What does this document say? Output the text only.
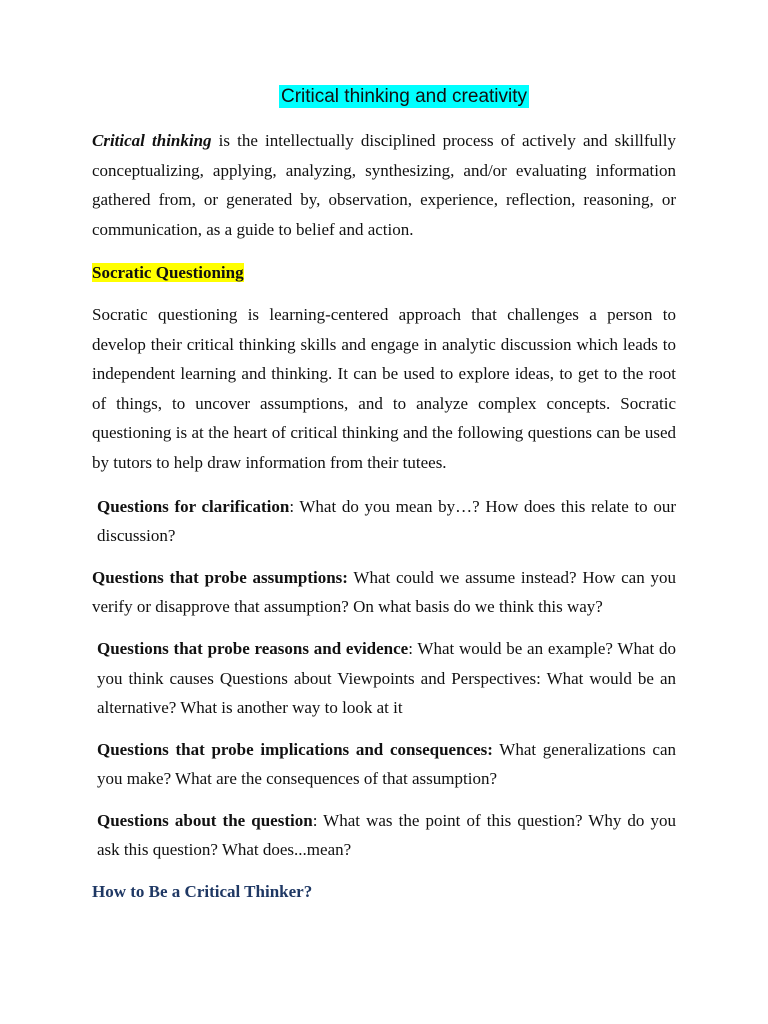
Critical thinking and creativity

Critical thinking is the intellectually disciplined process of actively and skillfully conceptualizing, applying, analyzing, synthesizing, and/or evaluating information gathered from, or generated by, observation, experience, reflection, reasoning, or communication, as a guide to belief and action.

Socratic Questioning

Socratic questioning is learning-centered approach that challenges a person to develop their critical thinking skills and engage in analytic discussion which leads to independent learning and thinking. It can be used to explore ideas, to get to the root of things, to uncover assumptions, and to analyze complex concepts. Socratic questioning is at the heart of critical thinking and the following questions can be used by tutors to help draw information from their tutees.

Questions for clarification: What do you mean by…? How does this relate to our discussion?

Questions that probe assumptions: What could we assume instead? How can you verify or disapprove that assumption? On what basis do we think this way?

Questions that probe reasons and evidence: What would be an example? What do you think causes Questions about Viewpoints and Perspectives: What would be an alternative? What is another way to look at it

Questions that probe implications and consequences: What generalizations can you make? What are the consequences of that assumption?

Questions about the question: What was the point of this question? Why do you ask this question? What does...mean?

How to Be a Critical Thinker?
